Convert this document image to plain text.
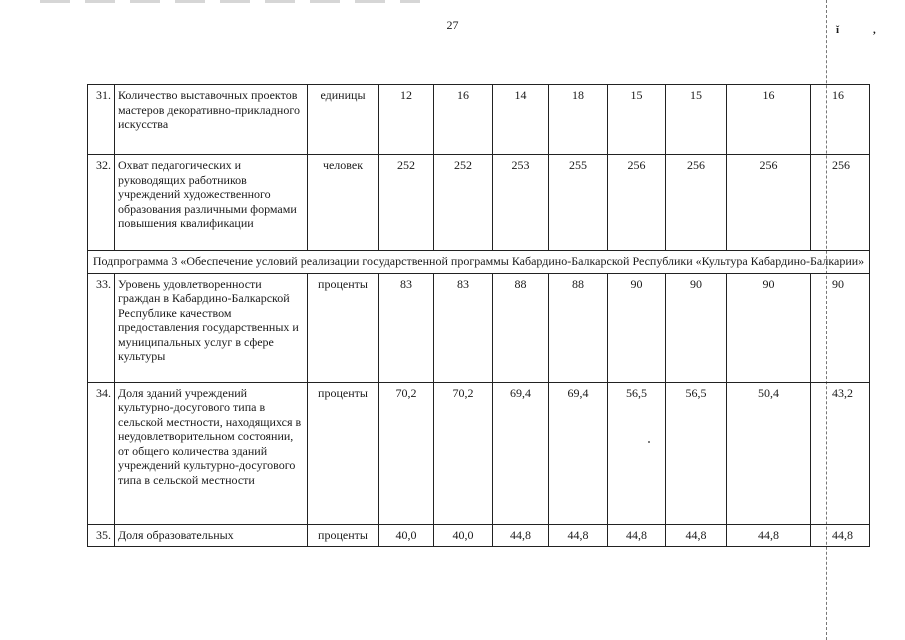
27	ǐ	,
31.	Количество выставочных проектов мастеров декоративно-прикладного искусства	единицы	12	16	14	18	15	15	16	16
32.	Охват педагогических и руководящих работников учреждений художественного образования различными формами повышения квалификации	человек	252	252	253	255	256	256	256	256
Подпрограмма 3 «Обеспечение условий реализации государственной программы Кабардино-Балкарской Республики «Культура Кабардино-Балкарии»										
33.	Уровень удовлетворенности граждан в Кабардино-Балкарской Республике качеством предоставления государственных и муниципальных услуг в сфере культуры	проценты	83	83	88	88	90	90	90	90
34.	Доля зданий учреждений культурно-досугового типа в сельской местности, находящихся в неудовлетворительном состоянии, от общего количества зданий учреждений культурно-досугового типа в сельской местности	проценты	70,2	70,2	69,4	69,4	56,5	56,5	50,4	43,2
35.	Доля образовательных	проценты	40,0	40,0	44,8	44,8	44,8	44,8	44,8	44,8
